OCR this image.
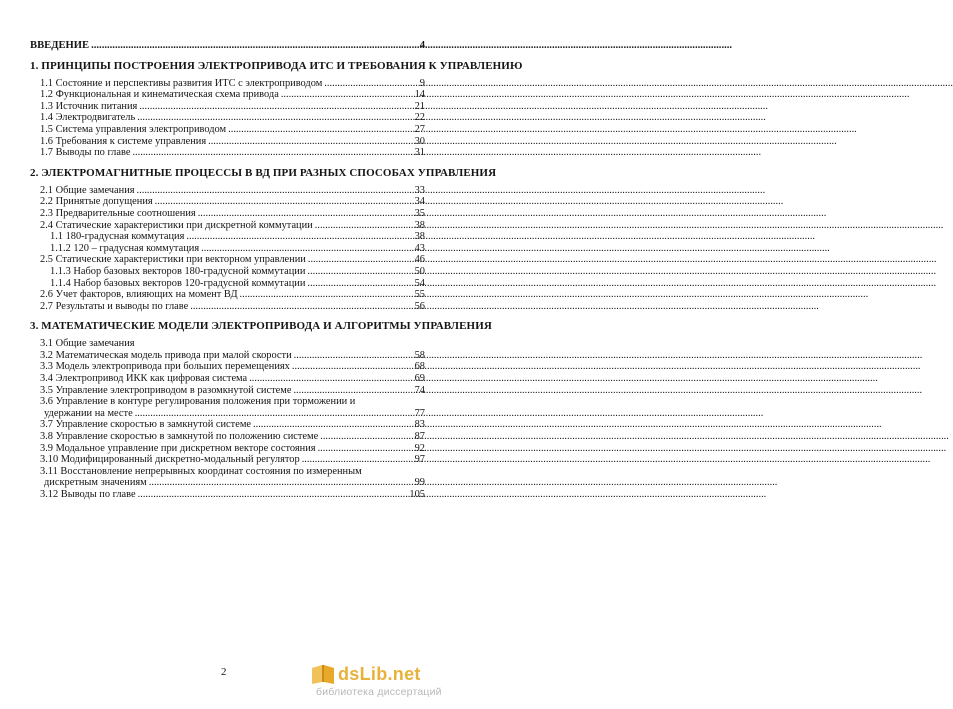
ВВЕДЕНИЕ .....	4
1. ПРИНЦИПЫ ПОСТРОЕНИЯ ЭЛЕКТРОПРИВОДА ИТС И ТРЕБОВАНИЯ К УПРАВЛЕНИЮ
1.1 Состояние и перспективы развития ИТС с электроприводом .....	9
1.2 Функциональная и кинематическая схема привода .....	14
1.3 Источник питания .....	21
1.4 Электродвигатель .....	22
1.5 Система управления электроприводом .....	27
1.6 Требования к системе управления .....	30
1.7 Выводы по главе .....	31
2. ЭЛЕКТРОМАГНИТНЫЕ ПРОЦЕССЫ В ВД ПРИ РАЗНЫХ СПОСОБАХ УПРАВЛЕНИЯ
2.1 Общие замечания .....	33
2.2 Принятые допущения .....	34
2.3 Предварительные соотношения .....	35
2.4 Статические характеристики при дискретной коммутации .....	38
1.1 180-градусная коммутация .....	38
1.1.2 120 – градусная коммутация .....	43
2.5 Статические характеристики при векторном управлении .....	46
1.1.3 Набор базовых векторов 180-градусной коммутации .....	50
1.1.4 Набор базовых векторов 120-градусной коммутации .....	54
2.6 Учет факторов, влияющих на момент ВД .....	55
2.7 Результаты и выводы по главе .....	56
3. МАТЕМАТИЧЕСКИЕ МОДЕЛИ ЭЛЕКТРОПРИВОДА И АЛГОРИТМЫ УПРАВЛЕНИЯ
3.1 Общие замечания
3.2 Математическая модель привода при малой скорости .....	58
3.3 Модель электропривода при больших перемещениях .....	68
3.4 Электропривод ИКК как цифровая система .....	69
3.5 Управление электроприводом в разомкнутой системе .....	74
3.6 Управление в контуре регулирования положения при торможении и
удержании на месте .....	77
3.7 Управление скоростью в замкнутой системе .....	83
3.8 Управление скоростью в замкнутой по положению системе .....	87
3.9 Модальное управление при дискретном векторе состояния .....	92
3.10 Модифицированный дискретно-модальный регулятор .....	97
3.11 Восстановление непрерывных координат состояния по измеренным
дискретным значениям .....	99
3.12 Выводы по главе .....	105
2	dsLib.net
библиотека диссертаций
